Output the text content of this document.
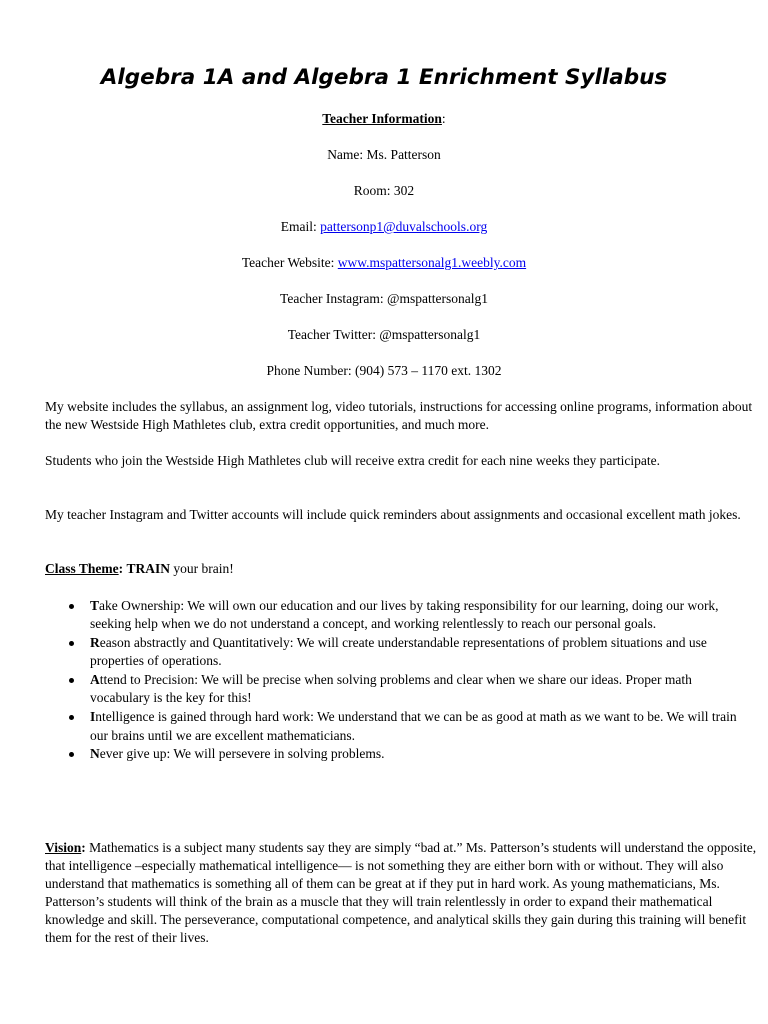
Algebra 1A and Algebra 1 Enrichment Syllabus
Teacher Information:
Name: Ms. Patterson
Room: 302
Email: pattersonp1@duvalschools.org
Teacher Website: www.mspattersonalg1.weebly.com
Teacher Instagram: @mspattersonalg1
Teacher Twitter: @mspattersonalg1
Phone Number: (904) 573 – 1170 ext. 1302

My website includes the syllabus, an assignment log, video tutorials, instructions for accessing online programs, information about the new Westside High Mathletes club, extra credit opportunities, and much more.

Students who join the Westside High Mathletes club will receive extra credit for each nine weeks they participate.

My teacher Instagram and Twitter accounts will include quick reminders about assignments and occasional excellent math jokes.

Class Theme: TRAIN your brain!

Take Ownership: We will own our education and our lives by taking responsibility for our learning, doing our work, seeking help when we do not understand a concept, and working relentlessly to reach our personal goals.
Reason abstractly and Quantitatively: We will create understandable representations of problem situations and use properties of operations.
Attend to Precision: We will be precise when solving problems and clear when we share our ideas. Proper math vocabulary is the key for this!
Intelligence is gained through hard work: We understand that we can be as good at math as we want to be. We will train our brains until we are excellent mathematicians.
Never give up: We will persevere in solving problems.

Vision: Mathematics is a subject many students say they are simply “bad at.” Ms. Patterson’s students will understand the opposite, that intelligence –especially mathematical intelligence— is not something they are either born with or without. They will also understand that mathematics is something all of them can be great at if they put in hard work. As young mathematicians, Ms. Patterson’s students will think of the brain as a muscle that they will train relentlessly in order to expand their mathematical knowledge and skill. The perseverance, computational competence, and analytical skills they gain during this training will benefit them for the rest of their lives.
